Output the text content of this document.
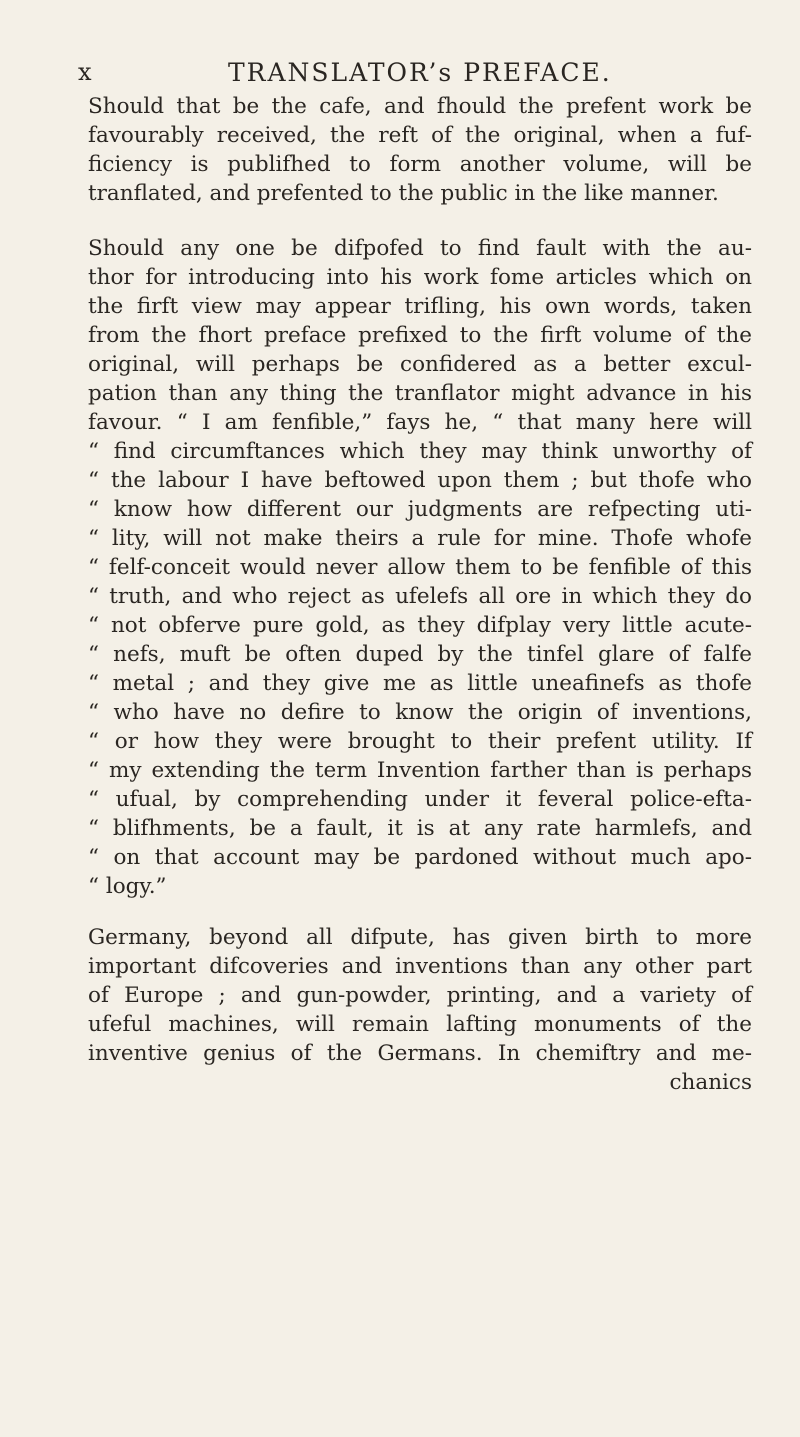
x	TRANSLATOR’s PREFACE.
Should that be the cafe, and fhould the prefent work be
favourably received, the reft of the original, when a fuf-
ficiency is publifhed to form another volume, will be
tranflated, and prefented to the public in the like manner.
Should any one be difpofed to find fault with the au-
thor for introducing into his work fome articles which on
the firft view may appear trifling, his own words, taken
from the fhort preface prefixed to the firft volume of the
original, will perhaps be confidered as a better excul-
pation than any thing the tranflator might advance in his
favour. “ I am fenfible,” fays he, “ that many here will
“ find circumftances which they may think unworthy of
“ the labour I have beftowed upon them ; but thofe who
“ know how different our judgments are refpecting uti-
“ lity, will not make theirs a rule for mine. Thofe whofe
“ felf-conceit would never allow them to be fenfible of this
“ truth, and who reject as ufelefs all ore in which they do
“ not obferve pure gold, as they difplay very little acute-
“ nefs, muft be often duped by the tinfel glare of falfe
“ metal ; and they give me as little uneafinefs as thofe
“ who have no defire to know the origin of inventions,
“ or how they were brought to their prefent utility. If
“ my extending the term Invention farther than is perhaps
“ ufual, by comprehending under it feveral police-efta-
“ blifhments, be a fault, it is at any rate harmlefs, and
“ on that account may be pardoned without much apo-
“ logy.”
Germany, beyond all difpute, has given birth to more
important difcoveries and inventions than any other part
of Europe ; and gun-powder, printing, and a variety of
ufeful machines, will remain lafting monuments of the
inventive genius of the Germans. In chemiftry and me-
chanics
